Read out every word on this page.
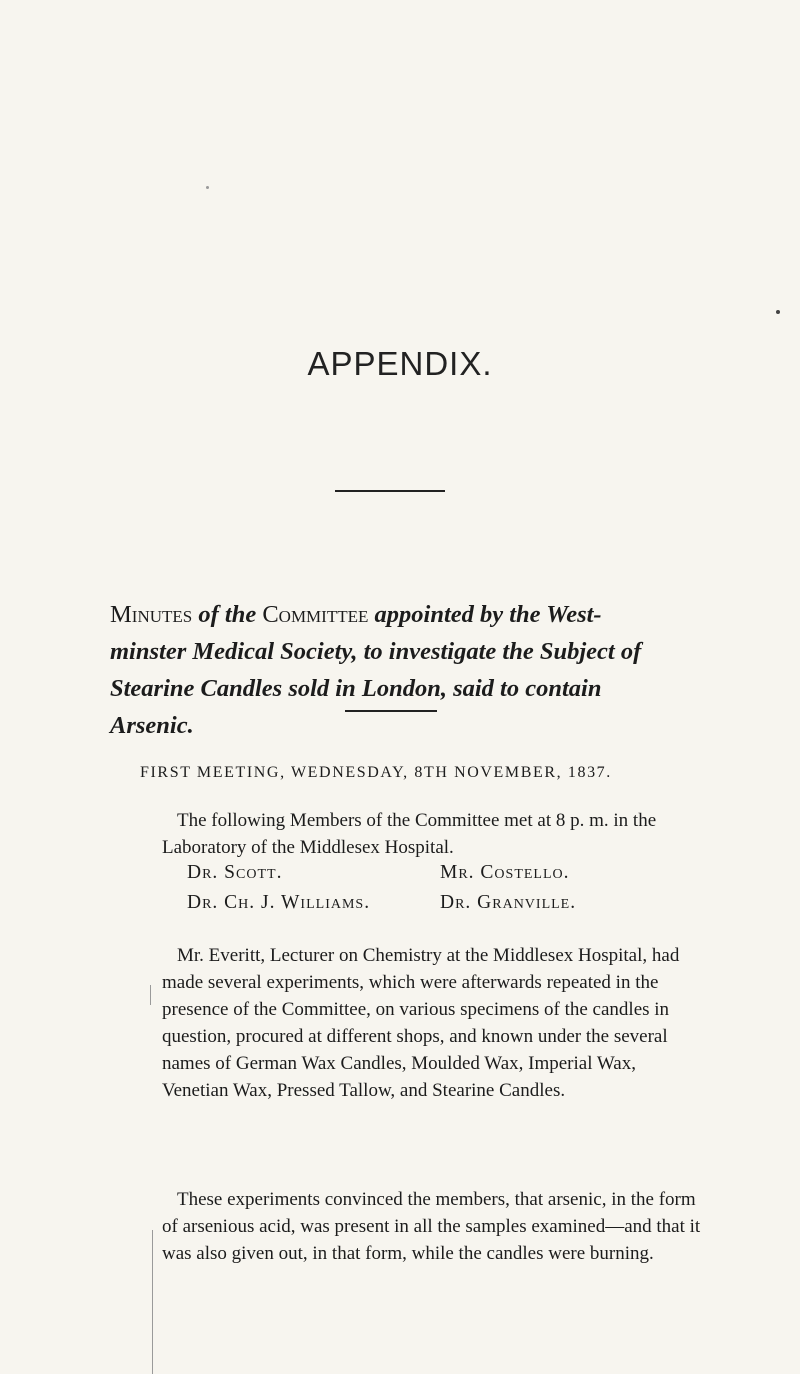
APPENDIX.
Minutes of the Committee appointed by the West-minster Medical Society, to investigate the Subject of Stearine Candles sold in London, said to contain Arsenic.
FIRST MEETING, WEDNESDAY, 8TH NOVEMBER, 1837.
The following Members of the Committee met at 8 p. m. in the Laboratory of the Middlesex Hospital.
Dr. Scott.
Dr. Ch. J. Williams.
Mr. Costello.
Dr. Granville.
Mr. Everitt, Lecturer on Chemistry at the Middlesex Hospital, had made several experiments, which were afterwards repeated in the presence of the Committee, on various specimens of the candles in question, procured at different shops, and known under the several names of German Wax Candles, Moulded Wax, Imperial Wax, Venetian Wax, Pressed Tallow, and Stearine Candles.
These experiments convinced the members, that arsenic, in the form of arsenious acid, was present in all the samples examined—and that it was also given out, in that form, while the candles were burning.
